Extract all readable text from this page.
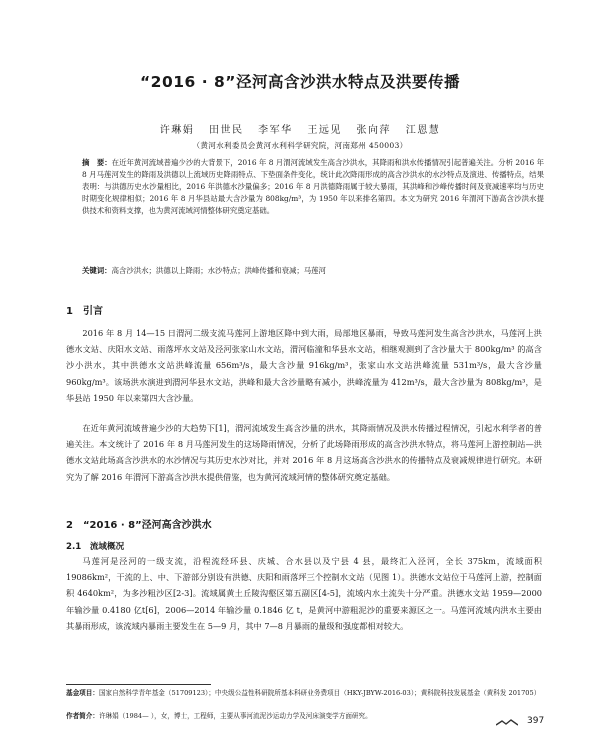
“2016 · 8”泾河高含沙洪水特点及洪要传播
许琳娟 田世民 李军华 王远见 张向萍 江恩慧
（黄河水利委员会黄河水利科学研究院，河南郑州 450003）
摘　要：在近年黄河流域普遍少沙的大背景下，2016 年 8 月渭河流域发生高含沙洪水，其降雨和洪水传播情况引起普遍关注。分析 2016 年 8 月马莲河发生的降雨及洪德以上流域历史降雨特点、下垫面条件变化，统计此次降雨形成的高含沙洪水的水沙特点及演进、传播特点，结果表明：与洪德历史水沙量相比，2016 年洪德水沙量偏多；2016 年 8 月洪德降雨属于较大暴雨，其洪峰和沙峰传播时间及衰减速率均与历史时期变化规律相似；2016 年 8 月华县站最大含沙量为 808kg/m³，为 1950 年以来排名第四。本文为研究 2016 年渭河下游高含沙洪水提供技术和资料支撑，也为黄河流域河情整体研究奠定基础。
关键词：高含沙洪水；洪德以上降雨；水沙特点；洪峰传播和衰减；马莲河
1　引言
2016 年 8 月 14—15 日渭河二级支流马莲河上游地区降中到大雨，局部地区暴雨，导致马莲河发生高含沙洪水，马莲河上洪德水文站、庆阳水文站、雨落坪水文站及泾河张家山水文站，渭河临潼和华县水文站，相继观测到了含沙量大于 800kg/m³ 的高含沙小洪水，其中洪德水文站洪峰流量 656m³/s，最大含沙量 916kg/m³，张家山水文站洪峰流量 531m³/s，最大含沙量 960kg/m³。该场洪水演进到渭河华县水文站，洪峰和最大含沙量略有减小，洪峰流量为 412m³/s，最大含沙量为 808kg/m³，是华县站 1950 年以来第四大含沙量。
在近年黄河流域普遍少沙的大趋势下[1]，渭河流域发生高含沙量的洪水，其降雨情况及洪水传播过程情况，引起水利学者的普遍关注。本文统计了 2016 年 8 月马莲河发生的这场降雨情况，分析了此场降雨形成的高含沙洪水特点，将马莲河上游控制站—洪德水文站此场高含沙洪水的水沙情况与其历史水沙对比，并对 2016 年 8 月这场高含沙洪水的传播特点及衰减规律进行研究。本研究为了解 2016 年渭河下游高含沙洪水提供借鉴，也为黄河流域河情的整体研究奠定基础。
2　“2016 · 8”泾河高含沙洪水
2.1　流域概况
马莲河是泾河的一级支流，沿程流经环县、庆城、合水县以及宁县 4 县，最终汇入泾河，全长 375km，流域面积 19086km²，干流的上、中、下游部分别设有洪德、庆阳和雨落坪三个控制水文站（见图 1）。洪德水文站位于马莲河上游，控制面积 4640km²，为多沙粗沙区[2-3]。流域属黄土丘陵沟壑区第五副区[4-5]，流域内水土流失十分严重。洪德水文站 1959—2000 年输沙量 0.4180 亿t[6]，2006—2014 年输沙量 0.1846 亿 t，是黄河中游粗泥沙的重要来源区之一。马莲河流域内洪水主要由其暴雨形成，该流域内暴雨主要发生在 5—9 月，其中 7—8 月暴雨的量级和强度都相对较大。
基金项目：国家自然科学青年基金（51709123）；中央级公益性科研院所基本科研业务费项目（HKY-JBYW-2016-03）；黄科院科技发展基金（黄科发 201705）
作者简介：许琳娟（1984— ），女，博士，工程师，主要从事河流泥沙运动力学及河床演变学方面研究。	397
